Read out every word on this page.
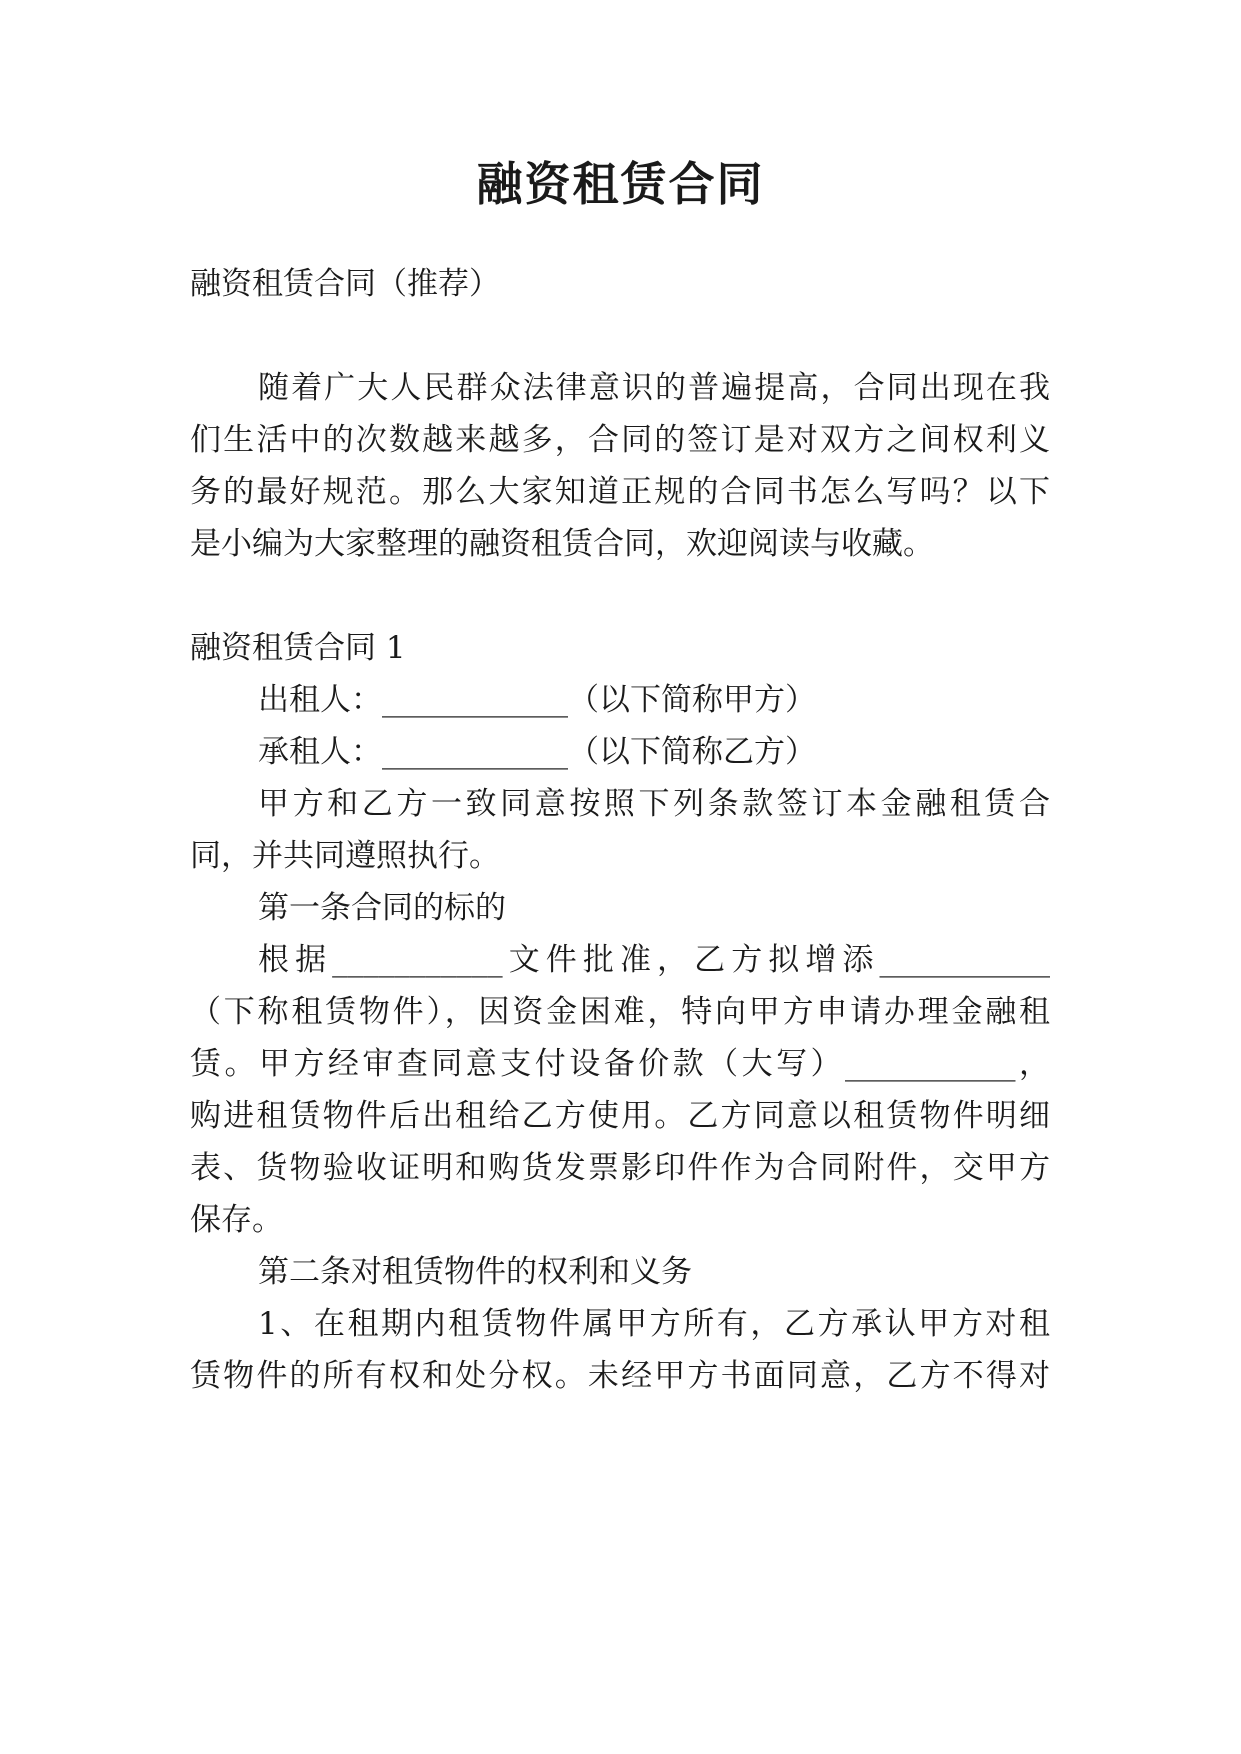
融资租赁合同
融资租赁合同（推荐）
随着广大人民群众法律意识的普遍提高，合同出现在我
们生活中的次数越来越多，合同的签订是对双方之间权利义
务的最好规范。那么大家知道正规的合同书怎么写吗？以下
是小编为大家整理的融资租赁合同，欢迎阅读与收藏。
融资租赁合同 1
出租人：____________（以下简称甲方）
承租人：____________（以下简称乙方）
甲方和乙方一致同意按照下列条款签订本金融租赁合
同，并共同遵照执行。
第一条合同的标的
根据___________文件批准，乙方拟增添___________
（下称租赁物件），因资金困难，特向甲方申请办理金融租
赁。甲方经审查同意支付设备价款（大写）___________，
购进租赁物件后出租给乙方使用。乙方同意以租赁物件明细
表、货物验收证明和购货发票影印件作为合同附件，交甲方
保存。
第二条对租赁物件的权利和义务
1、在租期内租赁物件属甲方所有，乙方承认甲方对租
赁物件的所有权和处分权。未经甲方书面同意，乙方不得对
